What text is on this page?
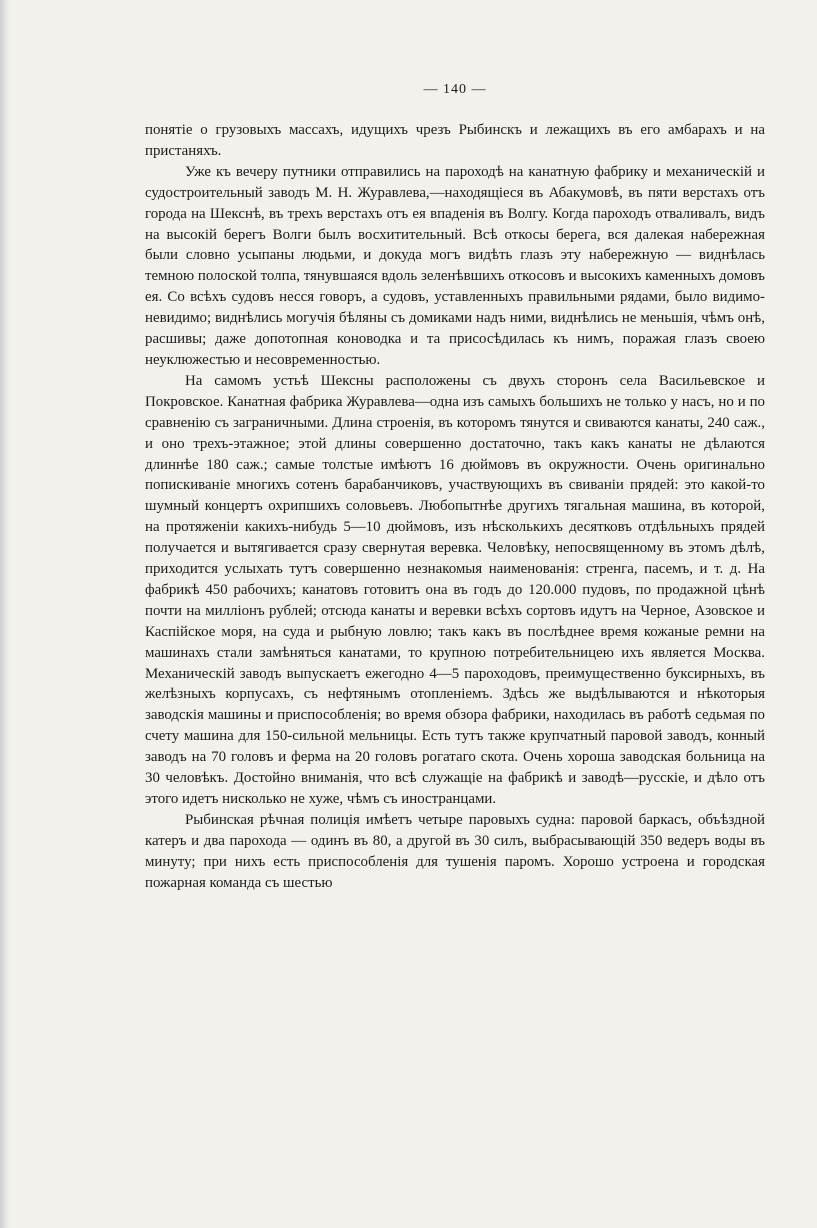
— 140 —

понятіе о грузовыхъ массахъ, идущихъ чрезъ Рыбинскъ и лежащихъ въ его амбарахъ и на пристаняхъ.

Уже къ вечеру путники отправились на пароходѣ на канатную фабрику и механическій и судостроительный заводъ М. Н. Журавлева,—находящіеся въ Абакумовѣ, въ пяти верстахъ отъ города на Шекснѣ, въ трехъ верстахъ отъ ея впаденія въ Волгу. Когда пароходъ отваливалъ, видъ на высокій берегъ Волги былъ восхитительный. Всѣ откосы берега, вся далекая набережная были словно усыпаны людьми, и докуда могъ видѣть глазъ эту набережную — виднѣлась темною полоской толпа, тянувшаяся вдоль зеленѣвшихъ откосовъ и высокихъ каменныхъ домовъ ея. Со всѣхъ судовъ несся говоръ, а судовъ, уставленныхъ правильными рядами, было видимо-невидимо; виднѣлись могучія бѣляны съ домиками надъ ними, виднѣлись не меньшія, чѣмъ онѣ, расшивы; даже допотопная коноводка и та присосѣдилась къ нимъ, поражая глазъ своею неуклюжестью и несовременностью.

На самомъ устьѣ Шексны расположены съ двухъ сторонъ села Васильевское и Покровское. Канатная фабрика Журавлева—одна изъ самыхъ большихъ не только у насъ, но и по сравненію съ заграничными. Длина строенія, въ которомъ тянутся и свиваются канаты, 240 саж., и оно трехъ-этажное; этой длины совершенно достаточно, такъ какъ канаты не дѣлаются длиннѣе 180 саж.; самые толстые имѣютъ 16 дюймовъ въ окружности. Очень оригинально попискиваніе многихъ сотенъ барабанчиковъ, участвующихъ въ свиваніи прядей: это какой-то шумный концертъ охрипшихъ соловьевъ. Любопытнѣе другихъ тягальная машина, въ которой, на протяженіи какихъ-нибудь 5—10 дюймовъ, изъ нѣсколькихъ десятковъ отдѣльныхъ прядей получается и вытягивается сразу свернутая веревка. Человѣку, непосвященному въ этомъ дѣлѣ, приходится услыхать тутъ совершенно незнакомыя наименованія: стренга, пасемъ, и т. д. На фабрикѣ 450 рабочихъ; канатовъ готовитъ она въ годъ до 120.000 пудовъ, по продажной цѣнѣ почти на милліонъ рублей; отсюда канаты и веревки всѣхъ сортовъ идутъ на Черное, Азовское и Каспійское моря, на суда и рыбную ловлю; такъ какъ въ послѣднее время кожаные ремни на машинахъ стали замѣняться канатами, то крупною потребительницею ихъ является Москва. Механическій заводъ выпускаетъ ежегодно 4—5 пароходовъ, преимущественно буксирныхъ, въ желѣзныхъ корпусахъ, съ нефтянымъ отопленіемъ. Здѣсь же выдѣлываются и нѣкоторыя заводскія машины и приспособленія; во время обзора фабрики, находилась въ работѣ седьмая по счету машина для 150-сильной мельницы. Есть тутъ также крупчатный паровой заводъ, конный заводъ на 70 головъ и ферма на 20 головъ рогатаго скота. Очень хороша заводская больница на 30 человѣкъ. Достойно вниманія, что всѣ служащіе на фабрикѣ и заводѣ—русскіе, и дѣло отъ этого идетъ нисколько не хуже, чѣмъ съ иностранцами.

Рыбинская рѣчная полиція имѣетъ четыре паровыхъ судна: паровой баркасъ, объѣздной катеръ и два парохода — одинъ въ 80, а другой въ 30 силъ, выбрасывающій 350 ведеръ воды въ минуту; при нихъ есть приспособленія для тушенія паромъ. Хорошо устроена и городская пожарная команда съ шестью
